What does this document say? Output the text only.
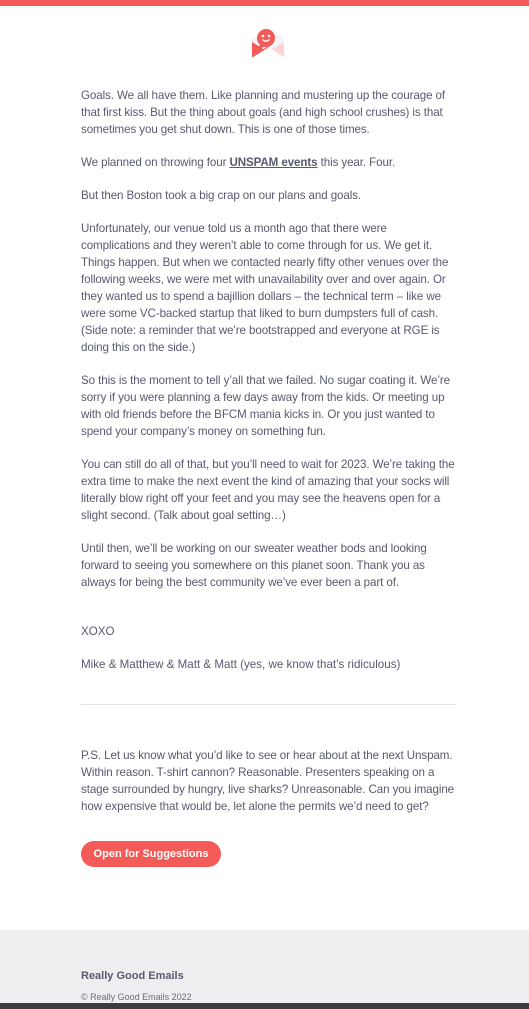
Goals. We all have them. Like planning and mustering up the courage of that first kiss. But the thing about goals (and high school crushes) is that sometimes you get shut down. This is one of those times.

We planned on throwing four UNSPAM events this year. Four.

But then Boston took a big crap on our plans and goals.

Unfortunately, our venue told us a month ago that there were complications and they weren’t able to come through for us. We get it. Things happen. But when we contacted nearly fifty other venues over the following weeks, we were met with unavailability over and over again. Or they wanted us to spend a bajillion dollars – the technical term – like we were some VC-backed startup that liked to burn dumpsters full of cash. (Side note: a reminder that we’re bootstrapped and everyone at RGE is doing this on the side.)

So this is the moment to tell y’all that we failed. No sugar coating it. We’re sorry if you were planning a few days away from the kids. Or meeting up with old friends before the BFCM mania kicks in. Or you just wanted to spend your company’s money on something fun.

You can still do all of that, but you’ll need to wait for 2023. We’re taking the extra time to make the next event the kind of amazing that your socks will literally blow right off your feet and you may see the heavens open for a slight second. (Talk about goal setting…)

Until then, we’ll be working on our sweater weather bods and looking forward to seeing you somewhere on this planet soon. Thank you as always for being the best community we’ve ever been a part of.

XOXO

Mike & Matthew & Matt & Matt (yes, we know that’s ridiculous)

P.S. Let us know what you’d like to see or hear about at the next Unspam. Within reason. T-shirt cannon? Reasonable. Presenters speaking on a stage surrounded by hungry, live sharks? Unreasonable. Can you imagine how expensive that would be, let alone the permits we’d need to get?

Open for Suggestions
Really Good Emails
© Really Good Emails 2022
